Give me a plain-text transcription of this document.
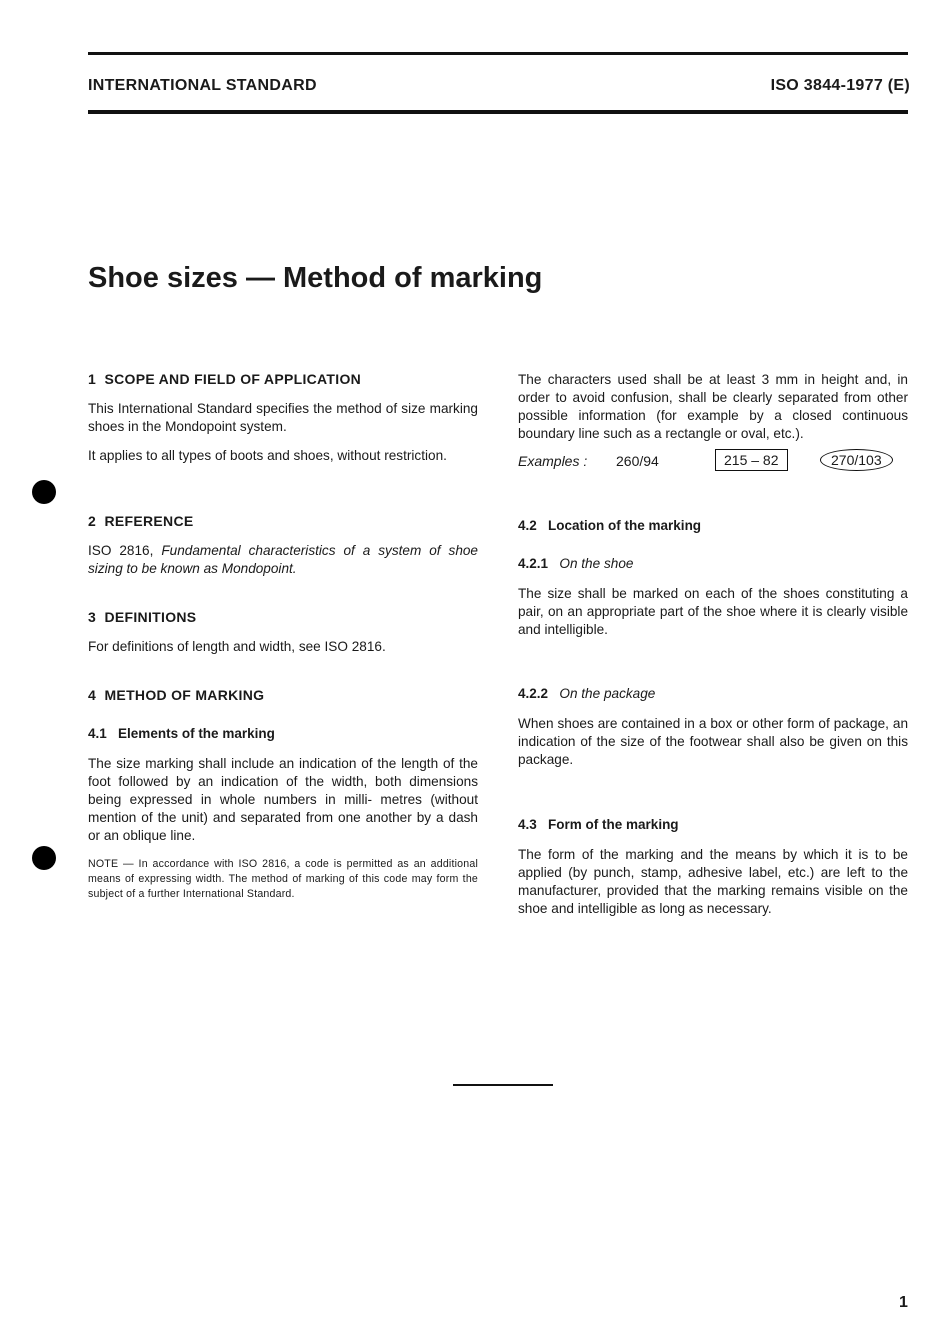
INTERNATIONAL STANDARD	ISO 3844-1977 (E)
Shoe sizes — Method of marking
1  SCOPE AND FIELD OF APPLICATION
This International Standard specifies the method of size marking shoes in the Mondopoint system.
It applies to all types of boots and shoes, without restriction.
2  REFERENCE
ISO 2816, Fundamental characteristics of a system of shoe sizing to be known as Mondopoint.
3  DEFINITIONS
For definitions of length and width, see ISO 2816.
4  METHOD OF MARKING
4.1 Elements of the marking
The size marking shall include an indication of the length of the foot followed by an indication of the width, both dimensions being expressed in whole numbers in milli- metres (without mention of the unit) and separated from one another by a dash or an oblique line.
NOTE — In accordance with ISO 2816, a code is permitted as an additional means of expressing width. The method of marking of this code may form the subject of a further International Standard.
The characters used shall be at least 3 mm in height and, in order to avoid confusion, shall be clearly separated from other possible information (for example by a closed continuous boundary line such as a rectangle or oval, etc.).
Examples : 260/94	215 – 82	270/103
4.2 Location of the marking
4.2.1 On the shoe
The size shall be marked on each of the shoes constituting a pair, on an appropriate part of the shoe where it is clearly visible and intelligible.
4.2.2 On the package
When shoes are contained in a box or other form of package, an indication of the size of the footwear shall also be given on this package.
4.3 Form of the marking
The form of the marking and the means by which it is to be applied (by punch, stamp, adhesive label, etc.) are left to the manufacturer, provided that the marking remains visible on the shoe and intelligible as long as necessary.
1
